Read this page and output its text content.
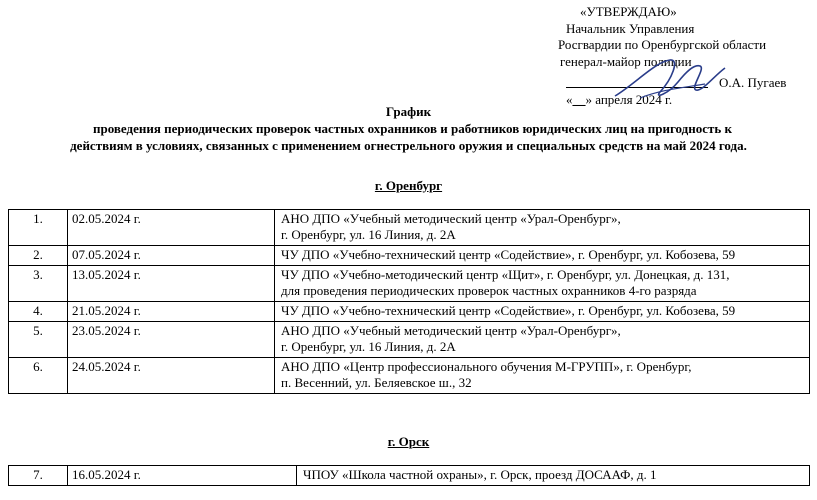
«УТВЕРЖДАЮ»
Начальник Управления
Росгвардии по Оренбургской области
генерал-майор полиции
О.А. Пугаев
«__» апреля 2024 г.
График
проведения периодических проверок частных охранников и работников юридических лиц на пригодность к
действиям в условиях, связанных с применением огнестрельного оружия и специальных средств на май 2024 года.
г. Оренбург
1.	02.05.2024 г.	АНО ДПО «Учебный методический центр «Урал-Оренбург»,
г. Оренбург, ул. 16 Линия, д. 2А

2.	07.05.2024 г.	ЧУ ДПО «Учебно-технический центр «Содействие», г. Оренбург, ул. Кобозева, 59

3.	13.05.2024 г.	ЧУ ДПО «Учебно-методический центр «Щит», г. Оренбург, ул. Донецкая, д. 131,
для проведения периодических проверок частных охранников 4-го разряда

4.	21.05.2024 г.	ЧУ ДПО «Учебно-технический центр «Содействие», г. Оренбург, ул. Кобозева, 59

5.	23.05.2024 г.	АНО ДПО «Учебный методический центр «Урал-Оренбург»,
г. Оренбург, ул. 16 Линия, д. 2А

6.	24.05.2024 г.	АНО ДПО «Центр профессионального обучения М-ГРУПП», г. Оренбург,
п. Весенний, ул. Беляевское ш., 32
г. Орск
7.	16.05.2024 г.	ЧПОУ «Школа частной охраны», г. Орск, проезд ДОСААФ, д. 1
